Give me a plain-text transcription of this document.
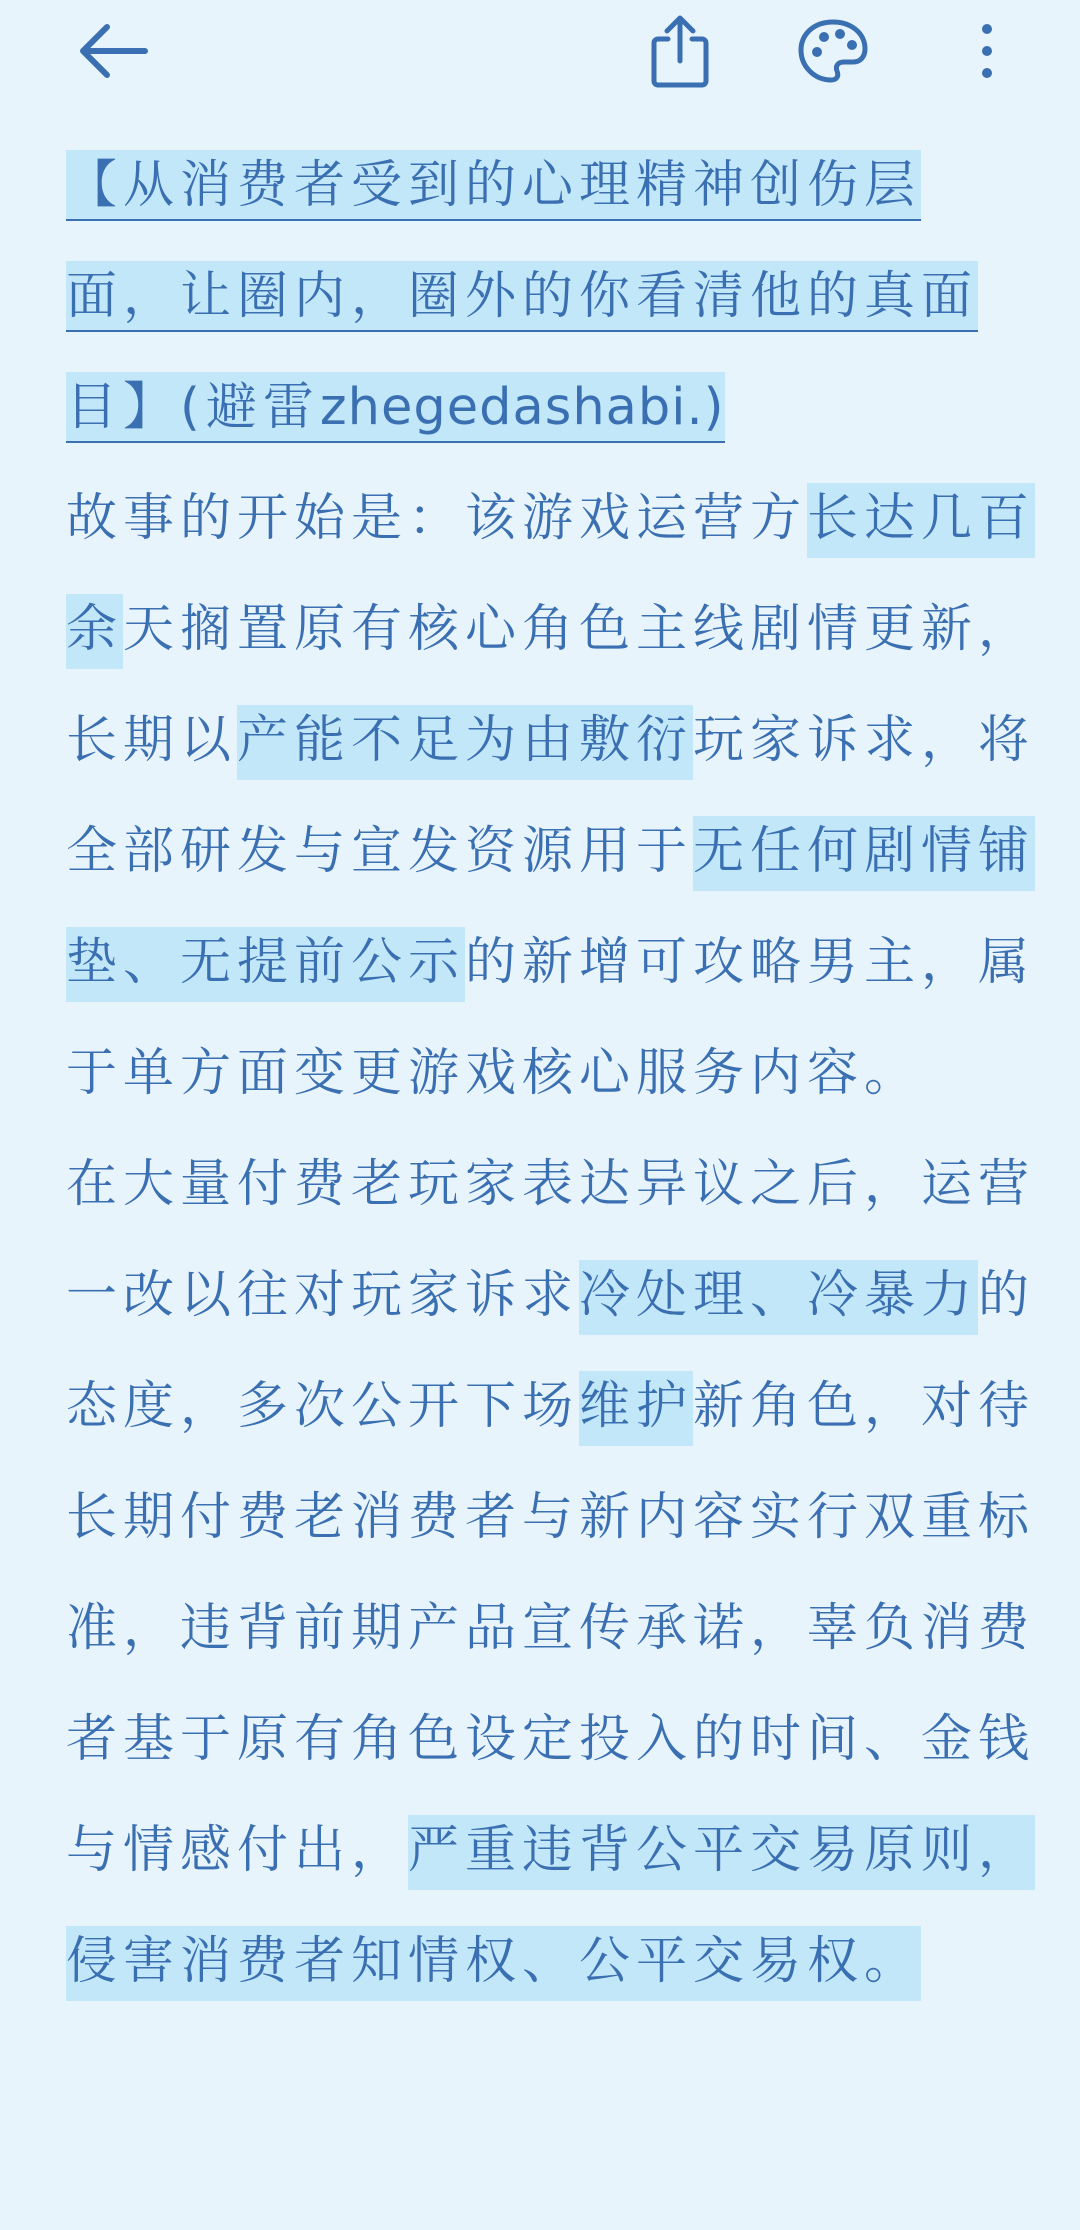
【从消费者受到的心理精神创伤层
面，让圈内，圈外的你看清他的真面
目】(避雷zhegedashabi.)

故事的开始是：该游戏运营方长达几百余天搁置原有核心角色主线剧情更新，长期以产能不足为由敷衍玩家诉求，将全部研发与宣发资源用于无任何剧情铺垫、无提前公示的新增可攻略男主，属于单方面变更游戏核心服务内容。

在大量付费老玩家表达异议之后，运营一改以往对玩家诉求冷处理、冷暴力的态度，多次公开下场维护新角色，对待长期付费老消费者与新内容实行双重标准，违背前期产品宣传承诺，辜负消费者基于原有角色设定投入的时间、金钱与情感付出，严重违背公平交易原则，侵害消费者知情权、公平交易权。
